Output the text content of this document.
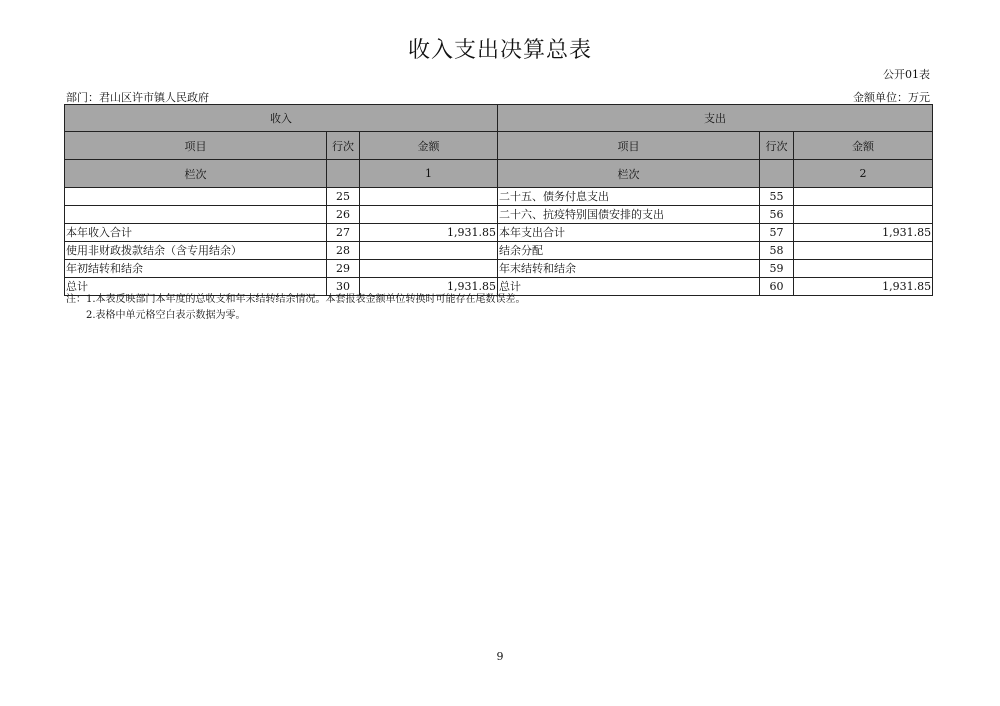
收入支出决算总表
公开01表
部门：君山区许市镇人民政府	金额单位：万元
收入			支出		
项目	行次	金额	项目	行次	金额
栏次		1	栏次		2
	25		二十五、债务付息支出	55	
	26		二十六、抗疫特别国债安排的支出	56	
本年收入合计	27	1,931.85	本年支出合计	57	1,931.85
使用非财政拨款结余（含专用结余）	28		结余分配	58	
年初结转和结余	29		年末结转和结余	59	
总计	30	1,931.85	总计	60	1,931.85
注：1.本表反映部门本年度的总收支和年末结转结余情况。本套报表金额单位转换时可能存在尾数误差。
2.表格中单元格空白表示数据为零。
9
